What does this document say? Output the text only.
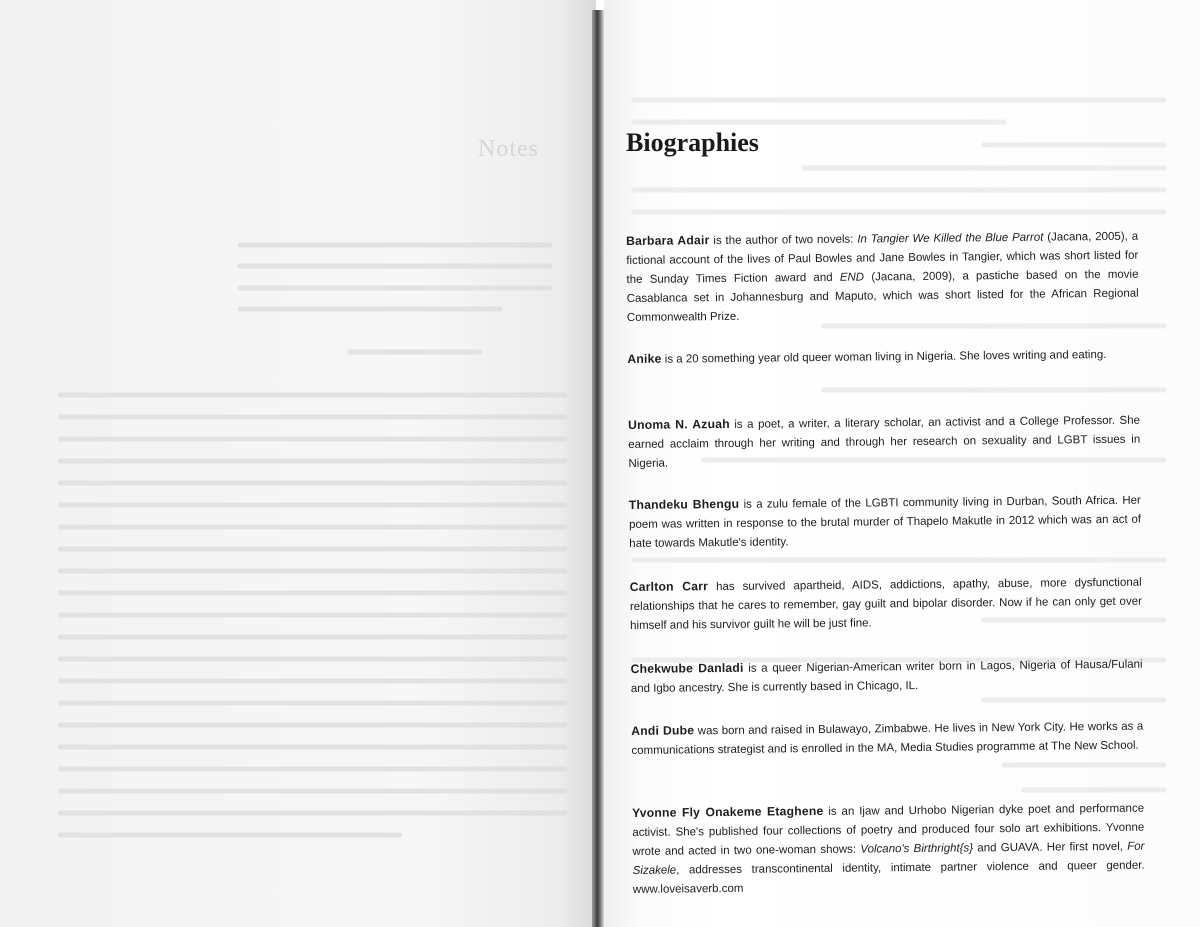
Notes	Biographies

Barbara Adair is the author of two novels: In Tangier We Killed the Blue Parrot (Jacana, 2005), a fictional account of the lives of Paul Bowles and Jane Bowles in Tangier, which was short listed for the Sunday Times Fiction award and END (Jacana, 2009), a pastiche based on the movie Casablanca set in Johannesburg and Maputo, which was short listed for the African Regional Commonwealth Prize.

Anike is a 20 something year old queer woman living in Nigeria. She loves writing and eating.

Unoma N. Azuah is a poet, a writer, a literary scholar, an activist and a College Professor. She earned acclaim through her writing and through her research on sexuality and LGBT issues in Nigeria.

Thandeku Bhengu is a zulu female of the LGBTI community living in Durban, South Africa. Her poem was written in response to the brutal murder of Thapelo Makutle in 2012 which was an act of hate towards Makutle's identity.

Carlton Carr has survived apartheid, AIDS, addictions, apathy, abuse, more dysfunctional relationships that he cares to remember, gay guilt and bipolar disorder. Now if he can only get over himself and his survivor guilt he will be just fine.

Chekwube Danladi is a queer Nigerian-American writer born in Lagos, Nigeria of Hausa/Fulani and Igbo ancestry. She is currently based in Chicago, IL.

Andi Dube was born and raised in Bulawayo, Zimbabwe. He lives in New York City. He works as a communications strategist and is enrolled in the MA, Media Studies programme at The New School.

Yvonne Fly Onakeme Etaghene is an Ijaw and Urhobo Nigerian dyke poet and performance activist. She's published four collections of poetry and produced four solo art exhibitions. Yvonne wrote and acted in two one-woman shows: Volcano's Birthright{s} and GUAVA. Her first novel, For Sizakele, addresses transcontinental identity, intimate partner violence and queer gender. www.loveisaverb.com
